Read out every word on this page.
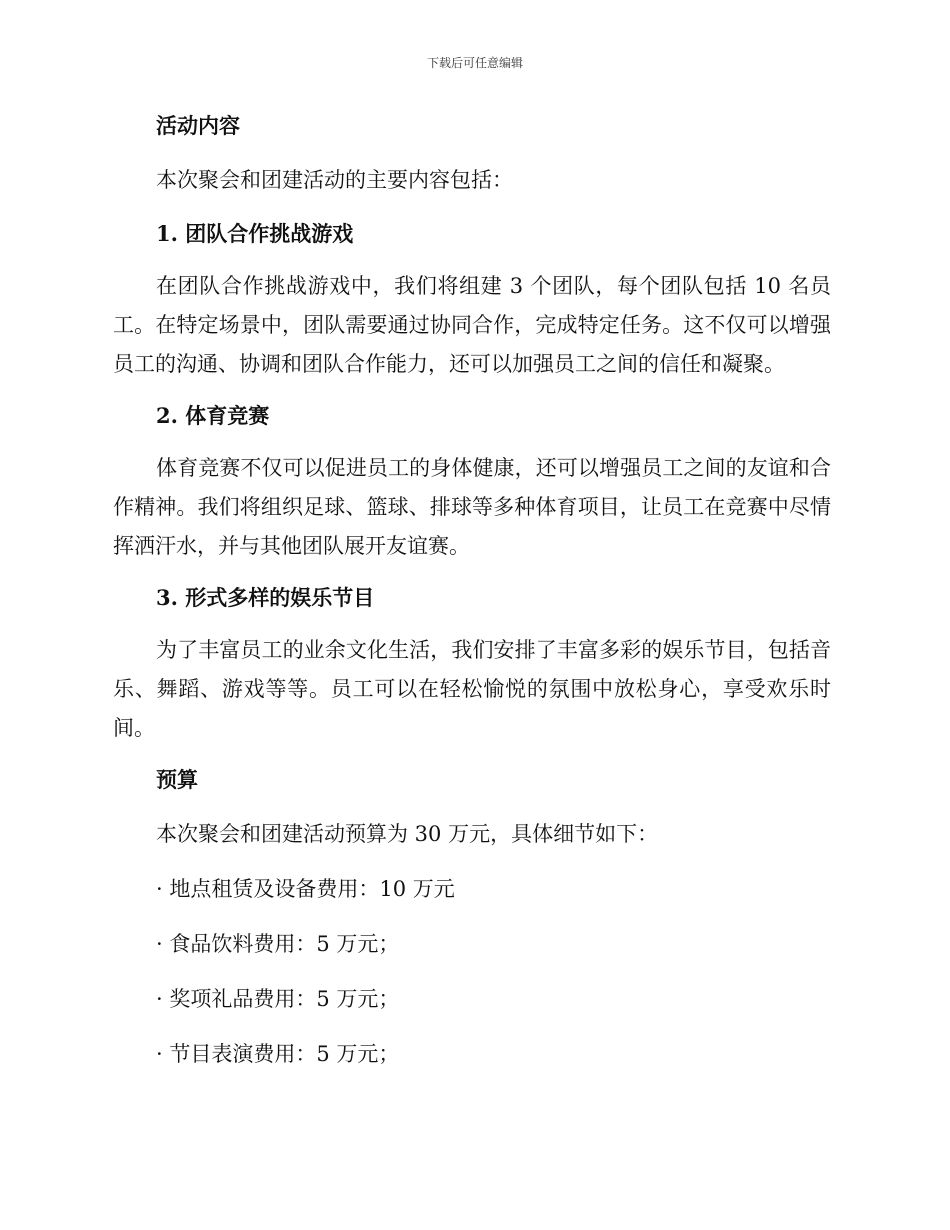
下载后可任意编辑
活动内容

本次聚会和团建活动的主要内容包括：

1. 团队合作挑战游戏

在团队合作挑战游戏中，我们将组建 3 个团队，每个团队包括 10 名员工。在特定场景中，团队需要通过协同合作，完成特定任务。这不仅可以增强员工的沟通、协调和团队合作能力，还可以加强员工之间的信任和凝聚。

2. 体育竞赛

体育竞赛不仅可以促进员工的身体健康，还可以增强员工之间的友谊和合作精神。我们将组织足球、篮球、排球等多种体育项目，让员工在竞赛中尽情挥洒汗水，并与其他团队展开友谊赛。

3. 形式多样的娱乐节目

为了丰富员工的业余文化生活，我们安排了丰富多彩的娱乐节目，包括音乐、舞蹈、游戏等等。员工可以在轻松愉悦的氛围中放松身心，享受欢乐时间。

预算

本次聚会和团建活动预算为 30 万元，具体细节如下：

· 地点租赁及设备费用：10 万元

· 食品饮料费用：5 万元；

· 奖项礼品费用：5 万元；

· 节目表演费用：5 万元；
